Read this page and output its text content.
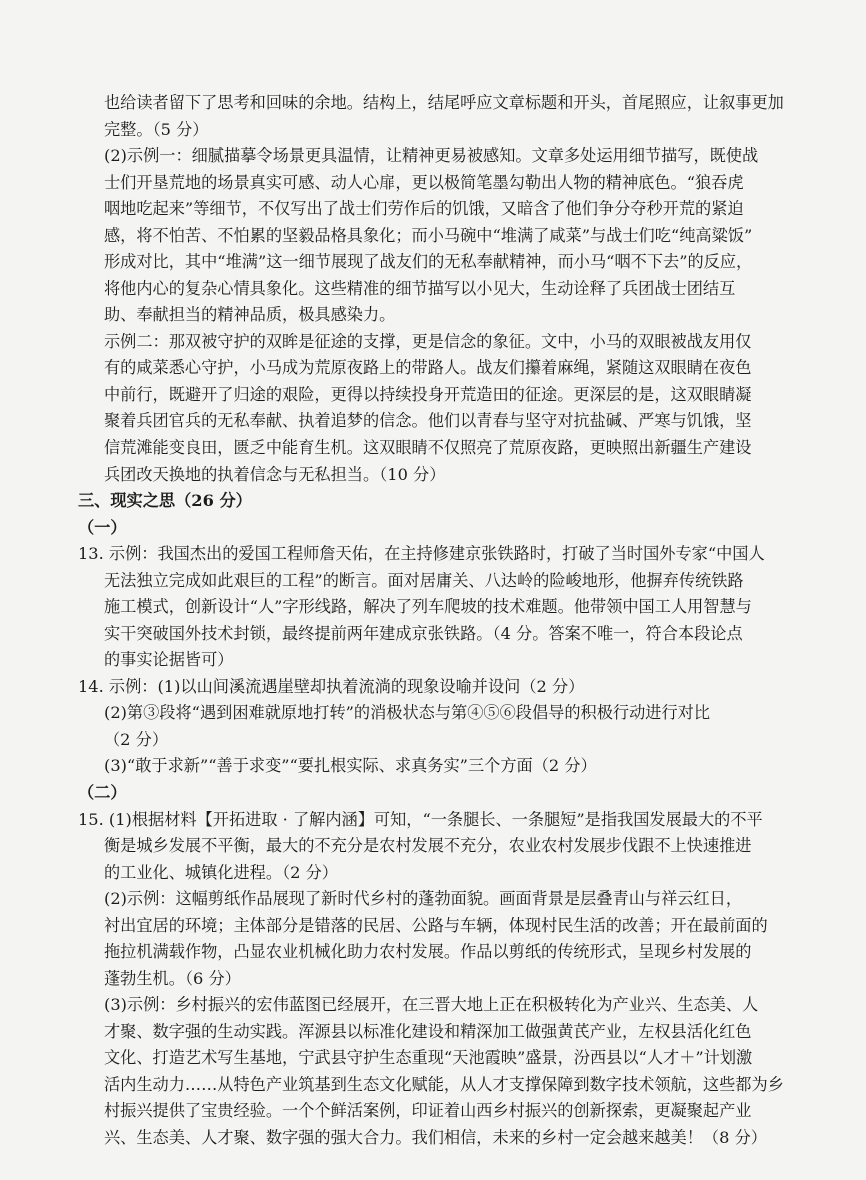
也给读者留下了思考和回味的余地。结构上，结尾呼应文章标题和开头，首尾照应，让叙事更加
完整。（5 分）
(2)示例一：细腻描摹令场景更具温情，让精神更易被感知。文章多处运用细节描写，既使战
士们开垦荒地的场景真实可感、动人心扉，更以极简笔墨勾勒出人物的精神底色。“狼吞虎
咽地吃起来”等细节，不仅写出了战士们劳作后的饥饿，又暗含了他们争分夺秒开荒的紧迫
感，将不怕苦、不怕累的坚毅品格具象化；而小马碗中“堆满了咸菜”与战士们吃“纯高粱饭”
形成对比，其中“堆满”这一细节展现了战友们的无私奉献精神，而小马“咽不下去”的反应，
将他内心的复杂心情具象化。这些精准的细节描写以小见大，生动诠释了兵团战士团结互
助、奉献担当的精神品质，极具感染力。
示例二：那双被守护的双眸是征途的支撑，更是信念的象征。文中，小马的双眼被战友用仅
有的咸菜悉心守护，小马成为荒原夜路上的带路人。战友们攥着麻绳，紧随这双眼睛在夜色
中前行，既避开了归途的艰险，更得以持续投身开荒造田的征途。更深层的是，这双眼睛凝
聚着兵团官兵的无私奉献、执着追梦的信念。他们以青春与坚守对抗盐碱、严寒与饥饿，坚
信荒滩能变良田，匮乏中能育生机。这双眼睛不仅照亮了荒原夜路，更映照出新疆生产建设
兵团改天换地的执着信念与无私担当。（10 分）
三、现实之思（26 分）
（一）
13. 示例：我国杰出的爱国工程师詹天佑，在主持修建京张铁路时，打破了当时国外专家“中国人
无法独立完成如此艰巨的工程”的断言。面对居庸关、八达岭的险峻地形，他摒弃传统铁路
施工模式，创新设计“人”字形线路，解决了列车爬坡的技术难题。他带领中国工人用智慧与
实干突破国外技术封锁，最终提前两年建成京张铁路。（4 分。答案不唯一，符合本段论点
的事实论据皆可）
14. 示例：(1)以山间溪流遇崖壁却执着流淌的现象设喻并设问（2 分）
(2)第③段将“遇到困难就原地打转”的消极状态与第④⑤⑥段倡导的积极行动进行对比
（2 分）
(3)“敢于求新”“善于求变”“要扎根实际、求真务实”三个方面（2 分）
（二）
15. (1)根据材料【开拓进取 · 了解内涵】可知，“一条腿长、一条腿短”是指我国发展最大的不平
衡是城乡发展不平衡，最大的不充分是农村发展不充分，农业农村发展步伐跟不上快速推进
的工业化、城镇化进程。（2 分）
(2)示例：这幅剪纸作品展现了新时代乡村的蓬勃面貌。画面背景是层叠青山与祥云红日，
衬出宜居的环境；主体部分是错落的民居、公路与车辆，体现村民生活的改善；开在最前面的
拖拉机满载作物，凸显农业机械化助力农村发展。作品以剪纸的传统形式，呈现乡村发展的
蓬勃生机。（6 分）
(3)示例：乡村振兴的宏伟蓝图已经展开，在三晋大地上正在积极转化为产业兴、生态美、人
才聚、数字强的生动实践。浑源县以标准化建设和精深加工做强黄芪产业，左权县活化红色
文化、打造艺术写生基地，宁武县守护生态重现“天池霞映”盛景，汾西县以“人才＋”计划激
活内生动力……从特色产业筑基到生态文化赋能，从人才支撑保障到数字技术领航，这些都为乡
村振兴提供了宝贵经验。一个个鲜活案例，印证着山西乡村振兴的创新探索，更凝聚起产业
兴、生态美、人才聚、数字强的强大合力。我们相信，未来的乡村一定会越来越美！（8 分）
